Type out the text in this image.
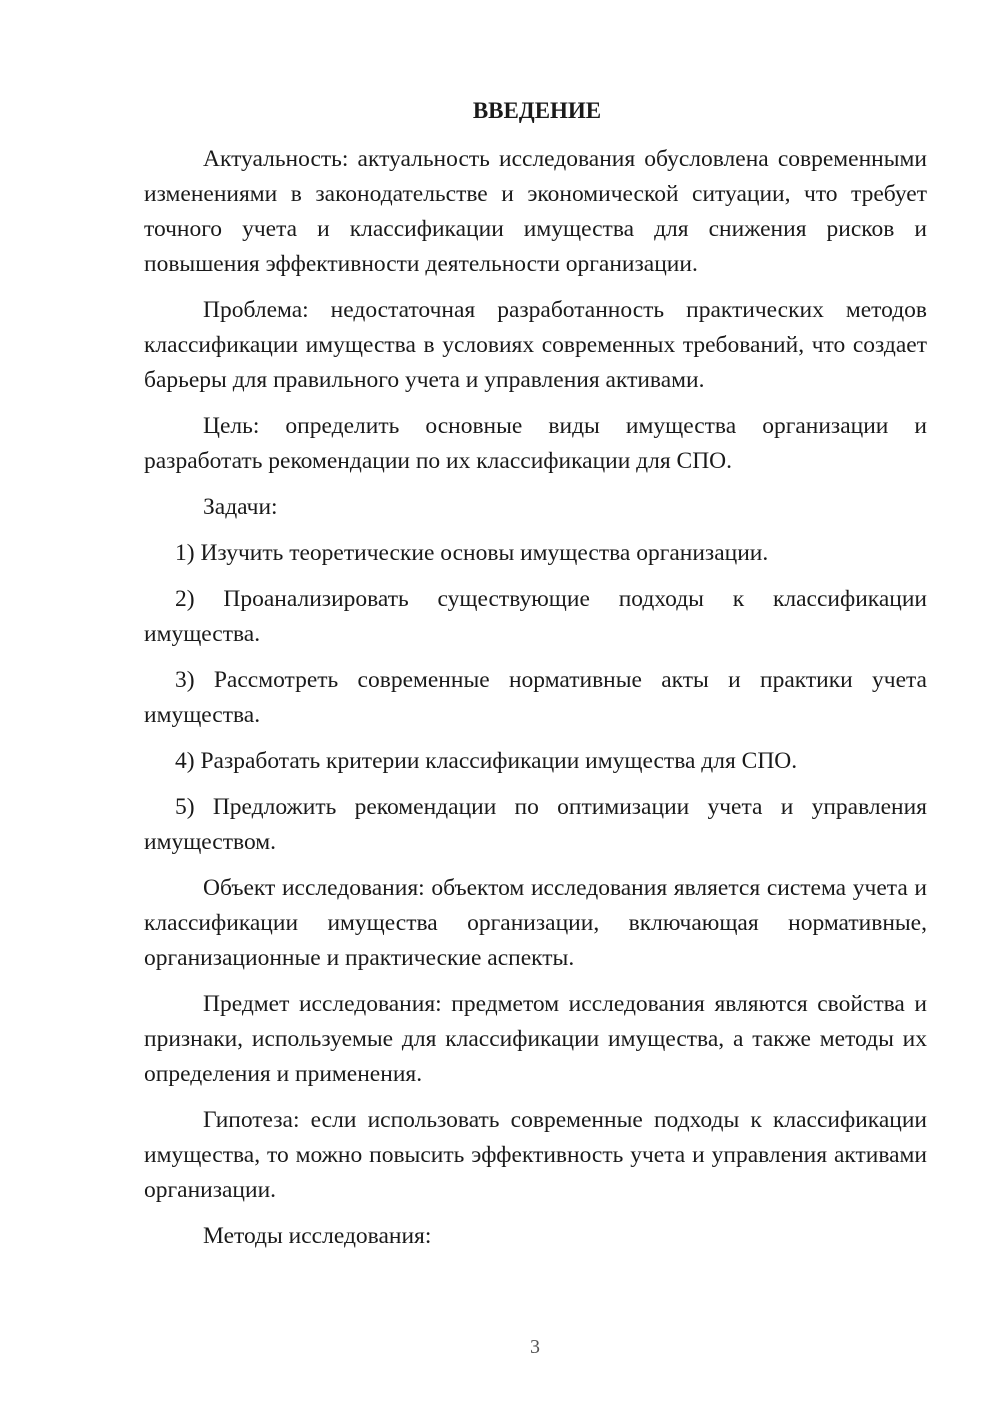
ВВЕДЕНИЕ

Актуальность: актуальность исследования обусловлена современными изменениями в законодательстве и экономической ситуации, что требует точного учета и классификации имущества для снижения рисков и повышения эффективности деятельности организации.

Проблема: недостаточная разработанность практических методов классификации имущества в условиях современных требований, что создает барьеры для правильного учета и управления активами.

Цель: определить основные виды имущества организации и разработать рекомендации по их классификации для СПО.

Задачи:

1) Изучить теоретические основы имущества организации.

2) Проанализировать существующие подходы к классификации имущества.

3) Рассмотреть современные нормативные акты и практики учета имущества.

4) Разработать критерии классификации имущества для СПО.

5) Предложить рекомендации по оптимизации учета и управления имуществом.

Объект исследования: объектом исследования является система учета и классификации имущества организации, включающая нормативные, организационные и практические аспекты.

Предмет исследования: предметом исследования являются свойства и признаки, используемые для классификации имущества, а также методы их определения и применения.

Гипотеза: если использовать современные подходы к классификации имущества, то можно повысить эффективность учета и управления активами организации.

Методы исследования:

3
